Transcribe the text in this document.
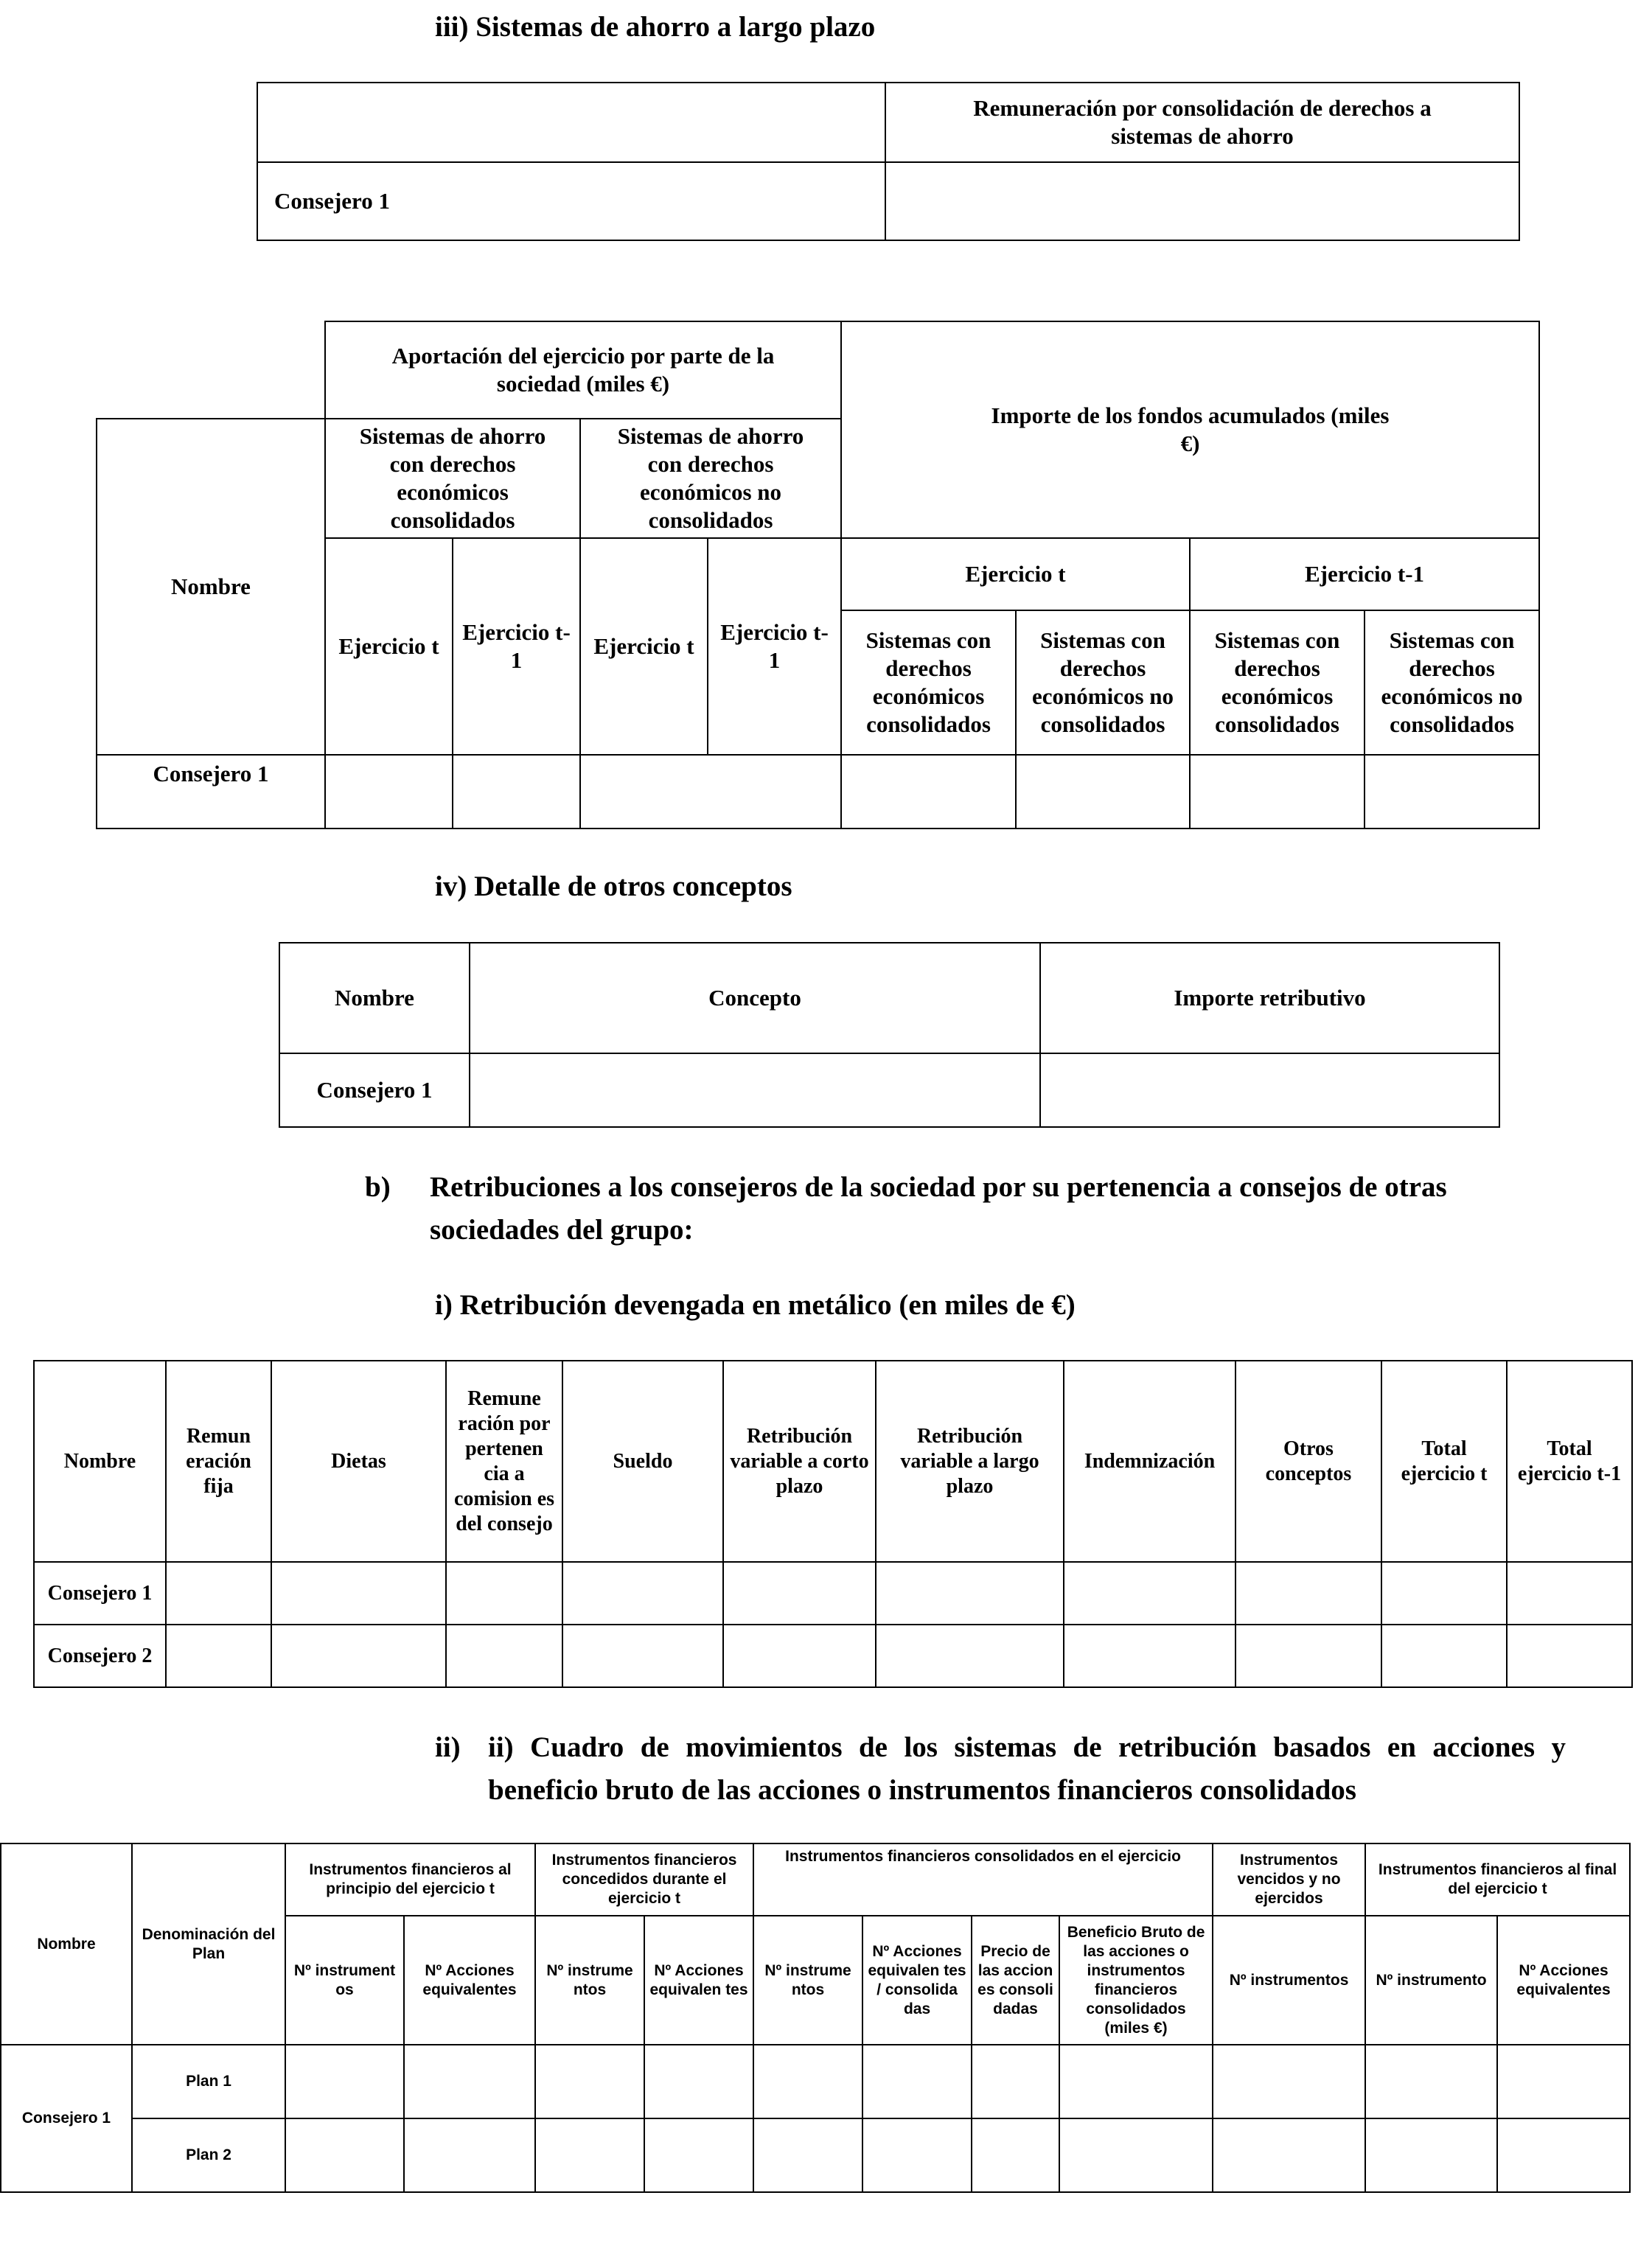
iii) Sistemas de ahorro a largo plazo
	Remuneración por consolidación de derechos a sistemas de ahorro
Consejero 1	
	Aportación del ejercicio por parte de la sociedad (miles €)				Importe de los fondos acumulados (miles €)			
Nombre	Sistemas de ahorro con derechos económicos consolidados		Sistemas de ahorro con derechos económicos no consolidados					
	Ejercicio t	Ejercicio t-1	Ejercicio t	Ejercicio t-1	Ejercicio t		Ejercicio t-1	
					Sistemas con derechos económicos consolidados	Sistemas con derechos económicos no consolidados	Sistemas con derechos económicos consolidados	Sistemas con derechos económicos no consolidados
Consejero 1								
iv) Detalle de otros conceptos
Nombre	Concepto	Importe retributivo
Consejero 1		
b) Retribuciones a los consejeros de la sociedad por su pertenencia a consejos de otras sociedades del grupo:
i) Retribución devengada en metálico (en miles de €)
Nombre	Remun eración fija	Dietas	Remune ración por pertenen cia a comision es del consejo	Sueldo	Retribución variable a corto plazo	Retribución variable a largo plazo	Indemnización	Otros conceptos	Total ejercicio t	Total ejercicio t-1
Consejero 1										
Consejero 2										
ii) ii) Cuadro de movimientos de los sistemas de retribución basados en acciones y beneficio bruto de las acciones o instrumentos financieros consolidados
Nombre	Denominación del Plan	Instrumentos financieros al principio del ejercicio t		Instrumentos financieros concedidos durante el ejercicio t		Instrumentos financieros consolidados en el ejercicio				Instrumentos vencidos y no ejercidos	Instrumentos financieros al final del ejercicio t	
		Nº instrument os	Nº Acciones equivalentes	Nº instrume ntos	Nº Acciones equivalen tes	Nº instrume ntos	Nº Acciones equivalen tes / consolida das	Precio de las accion es consoli dadas	Beneficio Bruto de las acciones o instrumentos financieros consolidados (miles €)	Nº instrumentos	Nº instrumento	Nº Acciones equivalentes
Consejero 1	Plan 1											
	Plan 2											
